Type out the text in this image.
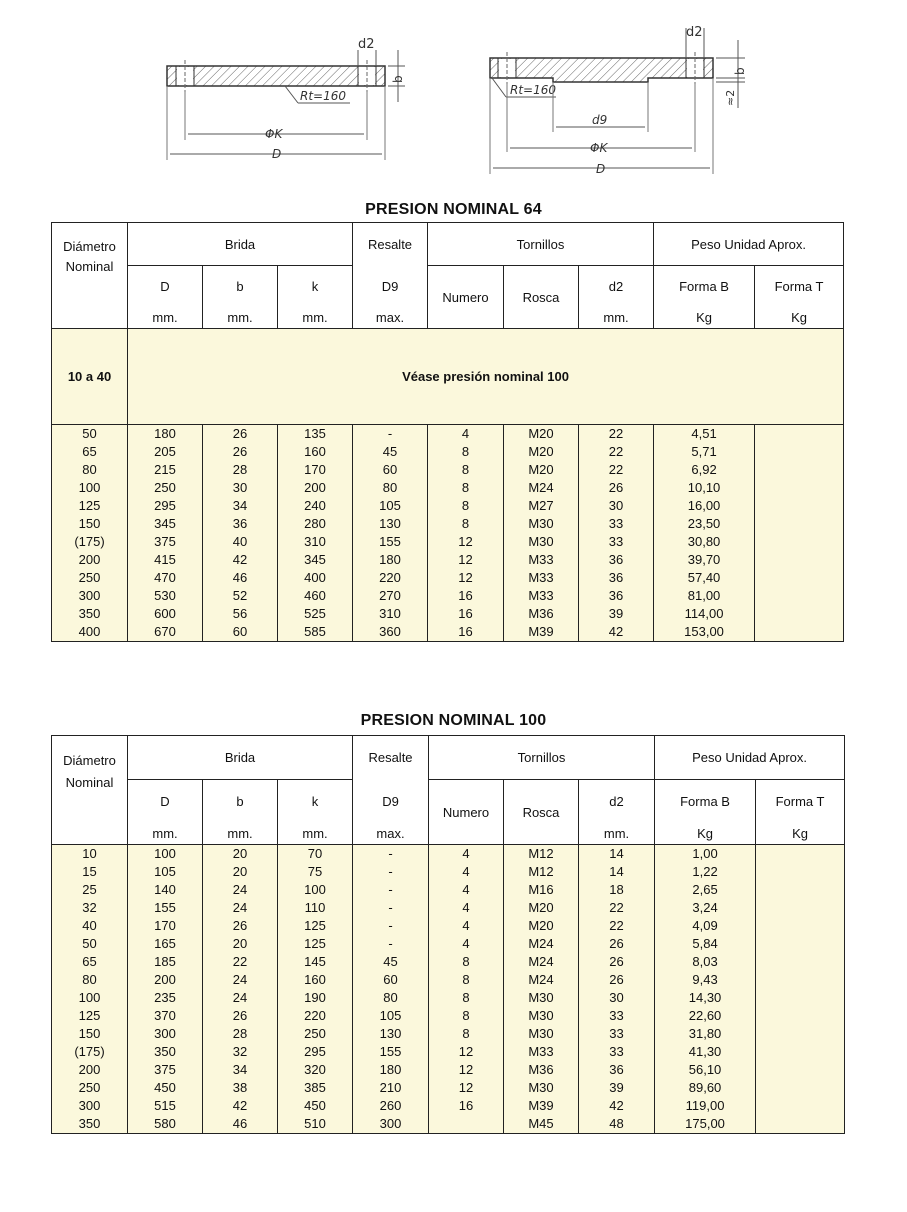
b
d2
Rt=160
ΦK
D
d2
b
≈2
Rt=160
d9
ΦK
D
PRESION NOMINAL 64
Diámetro Nominal	Brida			Resalte	Tornillos			Peso Unidad Aprox.	
	D	b	k	D9	Numero	Rosca	d2	Forma B	Forma T
	mm.	mm.	mm.	max.			mm.	Kg	Kg
10 a 40	Véase presión nominal 100								
50	180	26	135	-	4	M20	22	4,51	
65	205	26	160	45	8	M20	22	5,71	
80	215	28	170	60	8	M20	22	6,92	
100	250	30	200	80	8	M24	26	10,10	
125	295	34	240	105	8	M27	30	16,00	
150	345	36	280	130	8	M30	33	23,50	
(175)	375	40	310	155	12	M30	33	30,80	
200	415	42	345	180	12	M33	36	39,70	
250	470	46	400	220	12	M33	36	57,40	
300	530	52	460	270	16	M33	36	81,00	
350	600	56	525	310	16	M36	39	114,00	
400	670	60	585	360	16	M39	42	153,00	
PRESION NOMINAL 100
Diámetro Nominal	Brida			Resalte	Tornillos			Peso Unidad Aprox.	
	D	b	k	D9	Numero	Rosca	d2	Forma B	Forma T
	mm.	mm.	mm.	max.			mm.	Kg	Kg
10	100	20	70	-	4	M12	14	1,00	
15	105	20	75	-	4	M12	14	1,22	
25	140	24	100	-	4	M16	18	2,65	
32	155	24	110	-	4	M20	22	3,24	
40	170	26	125	-	4	M20	22	4,09	
50	165	20	125	-	4	M24	26	5,84	
65	185	22	145	45	8	M24	26	8,03	
80	200	24	160	60	8	M24	26	9,43	
100	235	24	190	80	8	M30	30	14,30	
125	370	26	220	105	8	M30	33	22,60	
150	300	28	250	130	8	M30	33	31,80	
(175)	350	32	295	155	12	M33	33	41,30	
200	375	34	320	180	12	M36	36	56,10	
250	450	38	385	210	12	M30	39	89,60	
300	515	42	450	260	16	M39	42	119,00	
350	580	46	510	300		M45	48	175,00	
